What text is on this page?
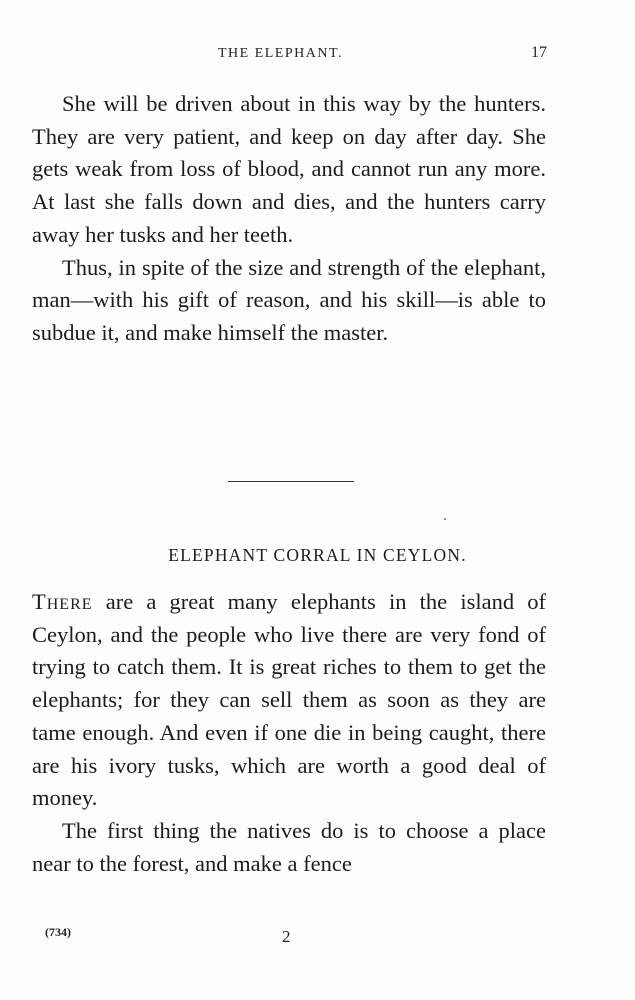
THE ELEPHANT.	17

She will be driven about in this way by the hunters. They are very patient, and keep on day after day. She gets weak from loss of blood, and cannot run any more. At last she falls down and dies, and the hunters carry away her tusks and her teeth.

Thus, in spite of the size and strength of the elephant, man—with his gift of reason, and his skill—is able to subdue it, and make himself the master.

ELEPHANT CORRAL IN CEYLON.

There are a great many elephants in the island of Ceylon, and the people who live there are very fond of trying to catch them. It is great riches to them to get the elephants; for they can sell them as soon as they are tame enough. And even if one die in being caught, there are his ivory tusks, which are worth a good deal of money.

The first thing the natives do is to choose a place near to the forest, and make a fence

(734)	2
